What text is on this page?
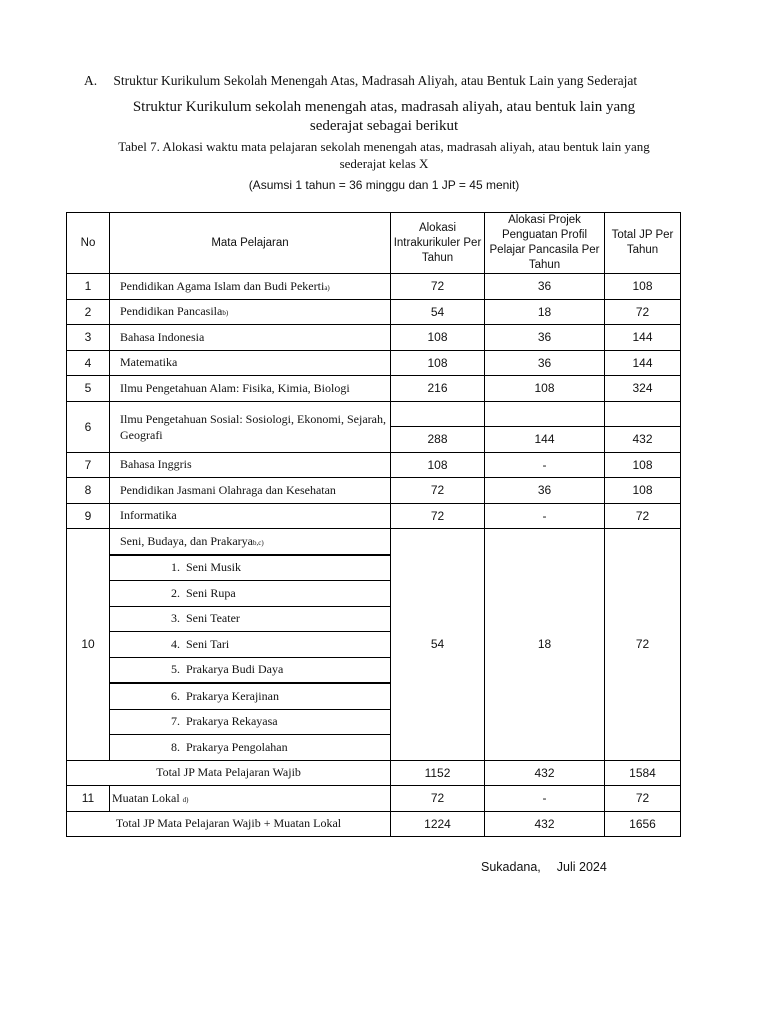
A. Struktur Kurikulum Sekolah Menengah Atas, Madrasah Aliyah, atau Bentuk Lain yang Sederajat
Struktur Kurikulum sekolah menengah atas, madrasah aliyah, atau bentuk lain yang
sederajat sebagai berikut
Tabel 7. Alokasi waktu mata pelajaran sekolah menengah atas, madrasah aliyah, atau bentuk lain yang
sederajat kelas X
(Asumsi 1 tahun = 36 minggu dan 1 JP = 45 menit)
No	Mata Pelajaran	Alokasi Intrakurikuler Per Tahun	Alokasi Projek Penguatan Profil Pelajar Pancasila Per Tahun	Total JP Per Tahun
1	Pendidikan Agama Islam dan Budi Pekertia)	72	36	108
2	Pendidikan Pancasilab)	54	18	72
3	Bahasa Indonesia	108	36	144
4	Matematika	108	36	144
5	Ilmu Pengetahuan Alam: Fisika, Kimia, Biologi	216	108	324
6	Ilmu Pengetahuan Sosial: Sosiologi, Ekonomi, Sejarah, Geografi			
		288	144	432
7	Bahasa Inggris	108	-	108
8	Pendidikan Jasmani Olahraga dan Kesehatan	72	36	108
9	Informatika	72	-	72
10	Seni, Budaya, dan Prakaryab,c)	54	18	72
	1. Seni Musik			
	2. Seni Rupa			
	3. Seni Teater			
	4. Seni Tari			
	5. Prakarya Budi Daya			
	6. Prakarya Kerajinan			
	7. Prakarya Rekayasa			
	8. Prakarya Pengolahan			
Total JP Mata Pelajaran Wajib		1152	432	1584
11	Muatan Lokal d)	72	-	72
Total JP Mata Pelajaran Wajib + Muatan Lokal		1224	432	1656
Sukadana, Juli 2024
